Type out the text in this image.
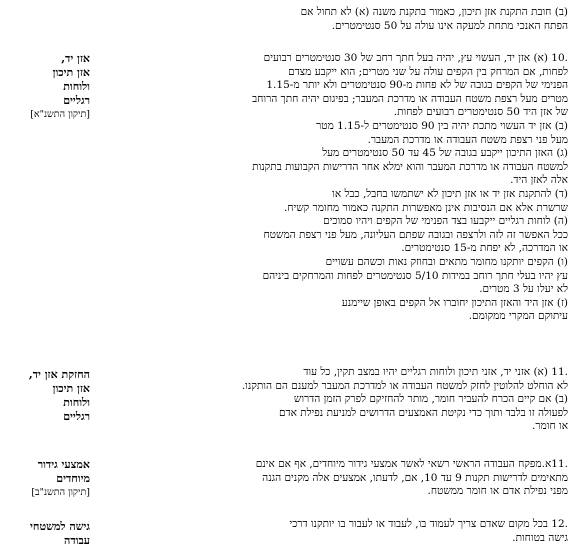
(ב) חובת התקנת אזן תיכון, כאמור בתקנת משנה (א) לא תחול אם
הפתח האנכי מתחת למעקה אינו עולה על 50 סנטימטרים.
.10 (א) אזן יד, העשוי עץ, יהיה בעל חתך רחב של 30 סנטימטרים רבועים
לפחות, אם המרחק בין הקפים עולה על שני מטרים; הוא ייקבע מצדם
הפנימי של הקפים בגובה של לא פחות מ-90 סנטימטרים ולא יותר מ-1.15
מטרים מעל רצפת משטח העבודה או מדרכת המעבר; בפיגום יהיה חתך הרוחב
של אזן היד 50 סנטימטרים רבועים לפחות.
(ב) אזן יד העשוי מתכת יהיה בין 90 סנטימטרים ל-1.15 מטר
מעל פני רצפת משטח העבודה או מדרכת המעבר.
(ג) האזן התיכון ייקבע בגובה של 45 עד 50 סנטימטרים מעל
למשטח העבודה או מדרכת המעבר והוא ימלא אחר הדרישות הקבועות בתקנות
אלה לאזן היד.
(ד) להתקנת אזן יד או אזן תיכון לא ישתמשו בחבל, כבל או
שרשרת אלא אם הנסיבות אינן מאפשרות התקנה כאמור מחומר קשיח.
(ה) לוחות רגליים ייקבעו בצד הפנימי של הקפים ויהיו סמוכים
ככל האפשר זה לזה ולרצפה ובגובה שפתם העליונה, מעל פני רצפת המשטח
או המדרכה, לא יפחת מ-15 סנטימטרים.
(ו) הקפים יותקנו מחומר מתאים ובחוזק נאות וכשהם עשויים
עץ יהיו בעלי חתך רוחב במידות 5/10 סנטימטרים לפחות והמרחקים ביניהם
לא יעלו על 3 מטרים.
(ז) אזן היד והאזן התיכון יחוברו אל הקפים באופן שיימנע
עיתוקם המקרי ממקומם.
.11 (א) אזני יד, אזני תיכון ולוחות רגליים יהיו במצב תקין, כל עוד
לא הוחלט להלוטין לחזק למשטח העבודה או למדרכת המעבר למענם הם הותקנו.
(ב) אם קיים הכרח להעביר חומר, מותר להחזיקם לפרק הזמן הדרוש
לפעולה זו בלבד ותוך כדי נקיטת האמצעים הדרושים למניעת נפילת אדם
או חומר.
.11א.מפקח העבודה הראשי רשאי לאשר אמצעי גידור מיוחדים, אף אם אינם
מתאימים לדרישות תקנות 9 עד 10, אם, לדעתו, אמצעים אלה מקנים הגנה
מפני נפילת אדם או חומר ממשטח.
.12 בכל מקום שאדם צריך לעמוד בו, לעבוד או לעבור בו יותקנו דרכי
גישה בטוחות.
אזן יד,
אזן תיכון
ולוחות
רגליים
[תיקון התשנ"א]
החזקת אזן יד,
אזן תיכון
ולוחות
רגליים
אמצעי גידור
מיוחדים
[תיקון התשנ"ב]
גישה למשטחי
עבודה
